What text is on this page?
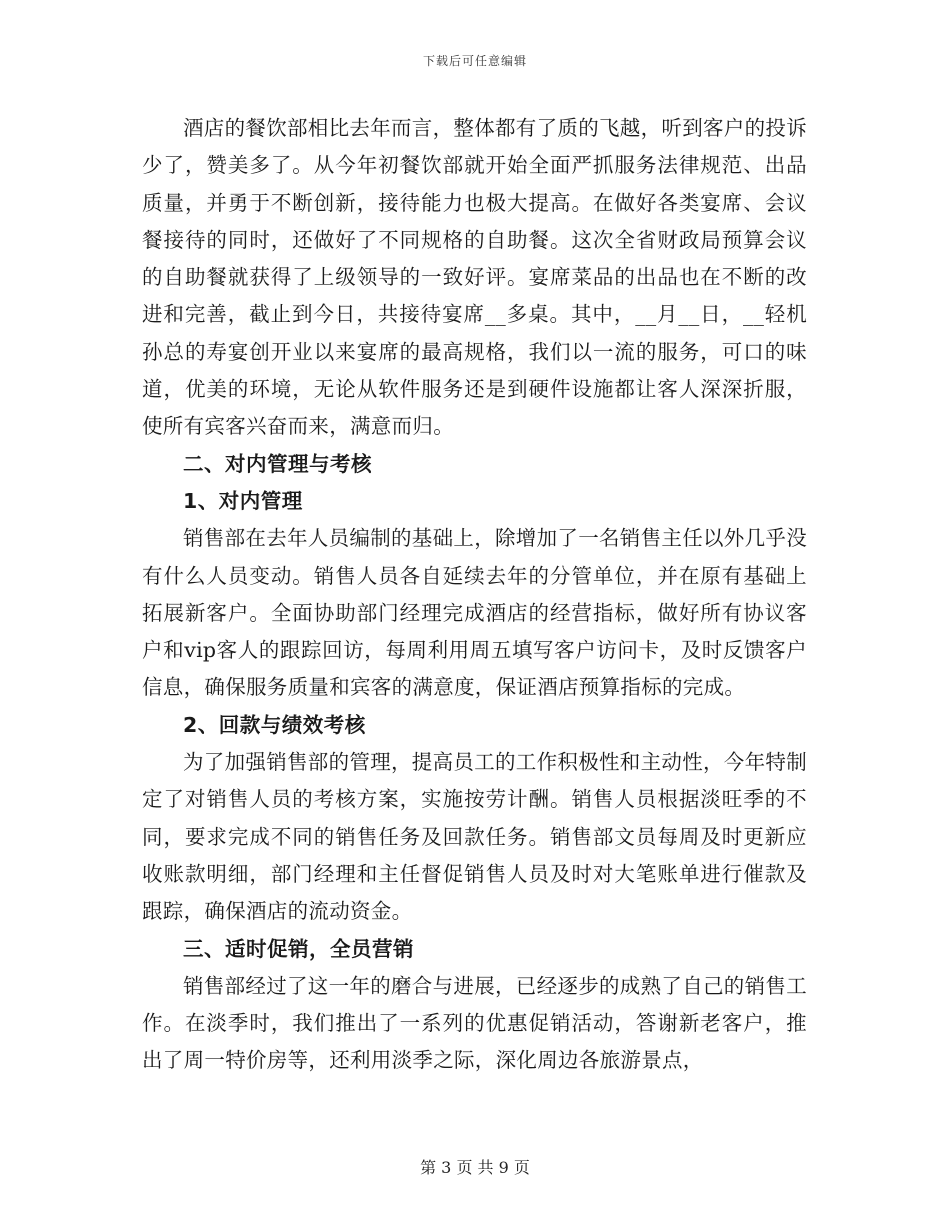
下载后可任意编辑

酒店的餐饮部相比去年而言，整体都有了质的飞越，听到客户的投诉少了，赞美多了。从今年初餐饮部就开始全面严抓服务法律规范、出品质量，并勇于不断创新，接待能力也极大提高。在做好各类宴席、会议餐接待的同时，还做好了不同规格的自助餐。这次全省财政局预算会议的自助餐就获得了上级领导的一致好评。宴席菜品的出品也在不断的改进和完善，截止到今日，共接待宴席__多桌。其中，__月__日，__轻机孙总的寿宴创开业以来宴席的最高规格，我们以一流的服务，可口的味道，优美的环境，无论从软件服务还是到硬件设施都让客人深深折服，使所有宾客兴奋而来，满意而归。

二、对内管理与考核

1、对内管理

销售部在去年人员编制的基础上，除增加了一名销售主任以外几乎没有什么人员变动。销售人员各自延续去年的分管单位，并在原有基础上拓展新客户。全面协助部门经理完成酒店的经营指标，做好所有协议客户和vip客人的跟踪回访，每周利用周五填写客户访问卡，及时反馈客户信息，确保服务质量和宾客的满意度，保证酒店预算指标的完成。

2、回款与绩效考核

为了加强销售部的管理，提高员工的工作积极性和主动性，今年特制定了对销售人员的考核方案，实施按劳计酬。销售人员根据淡旺季的不同，要求完成不同的销售任务及回款任务。销售部文员每周及时更新应收账款明细，部门经理和主任督促销售人员及时对大笔账单进行催款及跟踪，确保酒店的流动资金。

三、适时促销，全员营销

销售部经过了这一年的磨合与进展，已经逐步的成熟了自己的销售工作。在淡季时，我们推出了一系列的优惠促销活动，答谢新老客户，推出了周一特价房等，还利用淡季之际，深化周边各旅游景点，

第 3 页 共 9 页
